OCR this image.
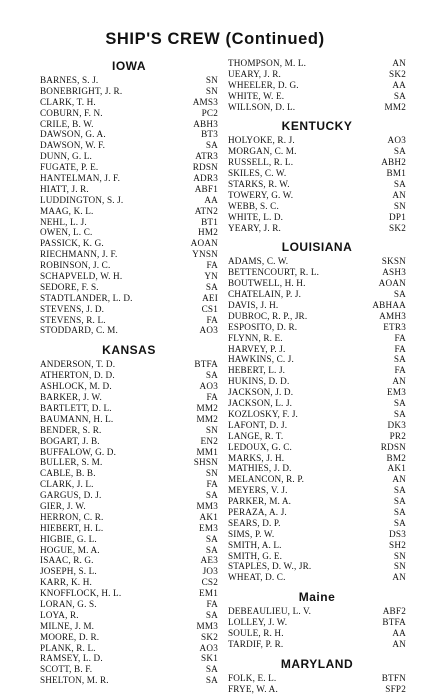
SHIP'S CREW (Continued)
IOWA
BARNES, S. J.	SN
BONEBRIGHT, J. R.	SN
CLARK, T. H.	AMS3
COBURN, F. N.	PC2
CRILE, B. W.	ABH3
DAWSON, G. A.	BT3
DAWSON, W. F.	SA
DUNN, G. L.	ATR3
FUGATE, P. E.	RDSN
HANTELMAN, J. F.	ADR3
HIATT, J. R.	ABF1
LUDDINGTON, S. J.	AA
MAAG, K. L.	ATN2
NEHL, L. J.	BT1
OWEN, L. C.	HM2
PASSICK, K. G.	AOAN
RIECHMANN, J. F.	YNSN
ROBINSON, J. C.	FA
SCHAPVELD, W. H.	YN
SEDORE, F. S.	SA
STADTLANDER, L. D.	AEI
STEVENS, J. D.	CS1
STEVENS, R. L.	FA
STODDARD, C. M.	AO3
KANSAS
ANDERSON, T. D.	BTFA
ATHERTON, D. D.	SA
ASHLOCK, M. D.	AO3
BARKER, J. W.	FA
BARTLETT, D. L.	MM2
BAUMANN, H. L.	MM2
BENDER, S. R.	SN
BOGART, J. B.	EN2
BUFFALOW, G. D.	MM1
BULLER, S. M.	SHSN
CABLE, B. B.	SN
CLARK, J. L.	FA
GARGUS, D. J.	SA
GIER, J. W.	MM3
HERRON, C. R.	AK1
HIEBERT, H. L.	EM3
HIGBIE, G. L.	SA
HOGUE, M. A.	SA
ISAAC, R. G.	AE3
JOSEPH, S. L.	JO3
KARR, K. H.	CS2
KNOFFLOCK, H. L.	EM1
LORAN, G. S.	FA
LOYA, R.	SA
MILNE, J. M.	MM3
MOORE, D. R.	SK2
PLANK, R. L.	AO3
RAMSEY, L. D.	SK1
SCOTT, B. F.	SA
SHELTON, M. R.	SA
THOMPSON, M. L.	AN
UEARY, J. R.	SK2
WHEELER, D. G.	AA
WHITE, W. E.	SA
WILLSON, D. L.	MM2
KENTUCKY
HOLYOKE, R. J.	AO3
MORGAN, C. M.	SA
RUSSELL, R. L.	ABH2
SKILES, C. W.	BM1
STARKS, R. W.	SA
TOWERY, G. W.	AN
WEBB, S. C.	SN
WHITE, L. D.	DP1
YEARY, J. R.	SK2
LOUISIANA
ADAMS, C. W.	SKSN
BETTENCOURT, R. L.	ASH3
BOUTWELL, H. H.	AOAN
CHATELAIN, P. J.	SA
DAVIS, J. H.	ABHAA
DUBROC, R. P., JR.	AMH3
ESPOSITO, D. R.	ETR3
FLYNN, R. E.	FA
HARVEY, P. J.	FA
HAWKINS, C. J.	SA
HEBERT, L. J.	FA
HUKINS, D. D.	AN
JACKSON, J. D.	EM3
JACKSON, L. J.	SA
KOZLOSKY, F. J.	SA
LAFONT, D. J.	DK3
LANGE, R. T.	PR2
LEDOUX, G. C.	RDSN
MARKS, J. H.	BM2
MATHIES, J. D.	AK1
MELANCON, R. P.	AN
MEYERS, V. J.	SA
PARKER, M. A.	SA
PERAZA, A. J.	SA
SEARS, D. P.	SA
SIMS, P. W.	DS3
SMITH, A. L.	SH2
SMITH, G. E.	SN
STAPLES, D. W., JR.	SN
WHEAT, D. C.	AN
Maine
DEBEAULIEU, L. V.	ABF2
LOLLEY, J. W.	BTFA
SOULE, R. H.	AA
TARDIF, P. R.	AN
MARYLAND
FOLK, E. L.	BTFN
FRYE, W. A.	SFP2
